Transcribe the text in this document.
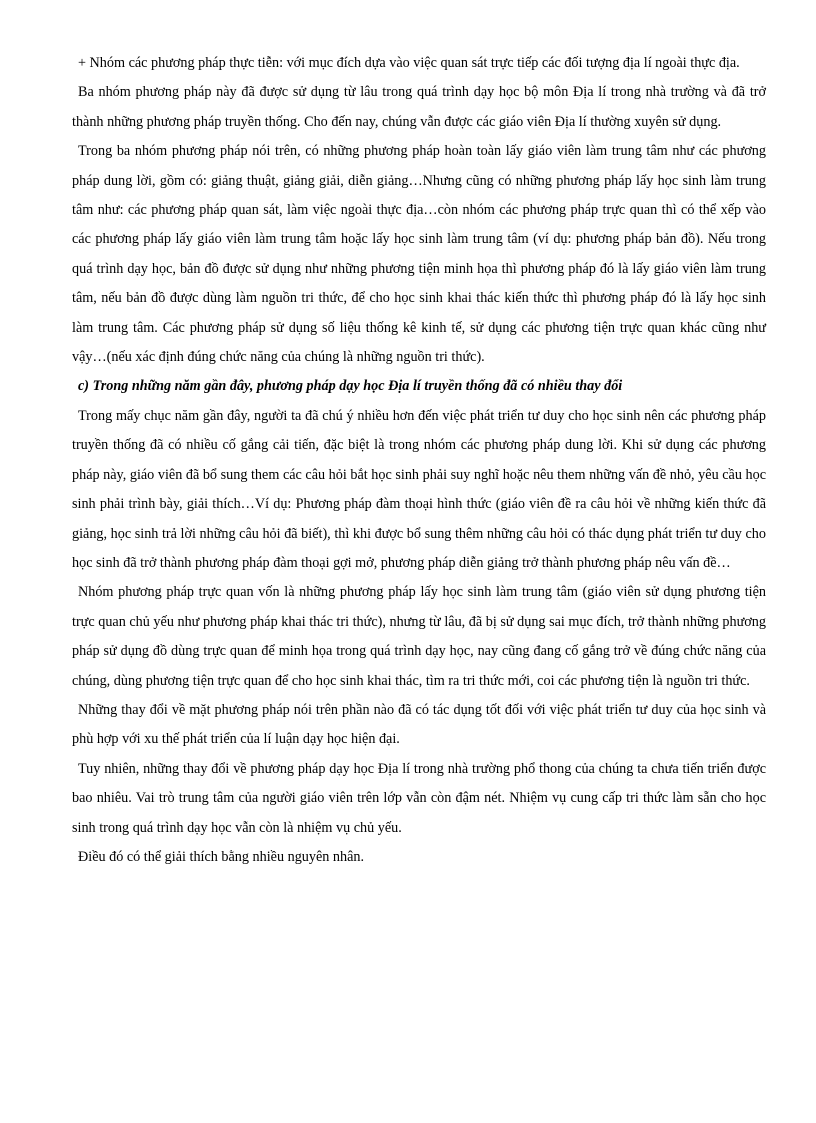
+ Nhóm các phương pháp thực tiễn: với mục đích dựa vào việc quan sát trực tiếp các đối tượng địa lí ngoài thực địa.

Ba nhóm phương pháp này đã được sử dụng từ lâu trong quá trình dạy học bộ môn Địa lí trong nhà trường và đã trở thành những phương pháp truyền thống. Cho đến nay, chúng vẫn được các giáo viên Địa lí thường xuyên sử dụng.

Trong ba nhóm phương pháp nói trên, có những phương pháp hoàn toàn lấy giáo viên làm trung tâm như các phương pháp dung lời, gồm có: giảng thuật, giảng giải, diễn giảng…Nhưng cũng có những phương pháp lấy học sinh làm trung tâm như: các phương pháp quan sát, làm việc ngoài thực địa…còn nhóm các phương pháp trực quan thì có thể xếp vào các phương pháp lấy giáo viên làm trung tâm hoặc lấy học sinh làm trung tâm (ví dụ: phương pháp bản đồ). Nếu trong quá trình dạy học, bản đồ được sử dụng như những phương tiện minh họa thì phương pháp đó là lấy giáo viên làm trung tâm, nếu bản đồ được dùng làm nguồn tri thức, để cho học sinh khai thác kiến thức thì phương pháp đó là lấy học sinh làm trung tâm. Các phương pháp sử dụng số liệu thống kê kinh tế, sử dụng các phương tiện trực quan khác cũng như vậy…(nếu xác định đúng chức năng của chúng là những nguồn tri thức).

c) Trong những năm gần đây, phương pháp dạy học Địa lí truyền thống đã có nhiều thay đổi

Trong mấy chục năm gần đây, người ta đã chú ý nhiều hơn đến việc phát triển tư duy cho học sinh nên các phương pháp truyền thống đã có nhiều cố gắng cải tiến, đặc biệt là trong nhóm các phương pháp dung lời. Khi sử dụng các phương pháp này, giáo viên đã bổ sung them các câu hỏi bắt học sinh phải suy nghĩ hoặc nêu them những vấn đề nhỏ, yêu cầu học sinh phải trình bày, giải thích…Ví dụ: Phương pháp đàm thoại hình thức (giáo viên đề ra câu hỏi về những kiến thức đã giảng, học sinh trả lời những câu hỏi đã biết), thì khi được bổ sung thêm những câu hỏi có thác dụng phát triển tư duy cho học sinh đã trở thành phương pháp đàm thoại gợi mở, phương pháp diễn giảng trở thành phương pháp nêu vấn đề…

Nhóm phương pháp trực quan vốn là những phương pháp lấy học sinh làm trung tâm (giáo viên sử dụng phương tiện trực quan chủ yếu như phương pháp khai thác tri thức), nhưng từ lâu, đã bị sử dụng sai mục đích, trở thành những phương pháp sử dụng đồ dùng trực quan để minh họa trong quá trình dạy học, nay cũng đang cố gắng trở về đúng chức năng của chúng, dùng phương tiện trực quan để cho học sinh khai thác, tìm ra tri thức mới, coi các phương tiện là nguồn tri thức.

Những thay đổi về mặt phương pháp nói trên phần nào đã có tác dụng tốt đối với việc phát triển tư duy của học sinh và phù hợp với xu thế phát triển của lí luận dạy học hiện đại.

Tuy nhiên, những thay đổi về phương pháp dạy học Địa lí trong nhà trường phổ thong của chúng ta chưa tiến triển được bao nhiêu. Vai trò trung tâm của người giáo viên trên lớp vẫn còn đậm nét. Nhiệm vụ cung cấp tri thức làm sẵn cho học sinh trong quá trình dạy học vẫn còn là nhiệm vụ chủ yếu.

Điều đó có thể giải thích bằng nhiều nguyên nhân.
